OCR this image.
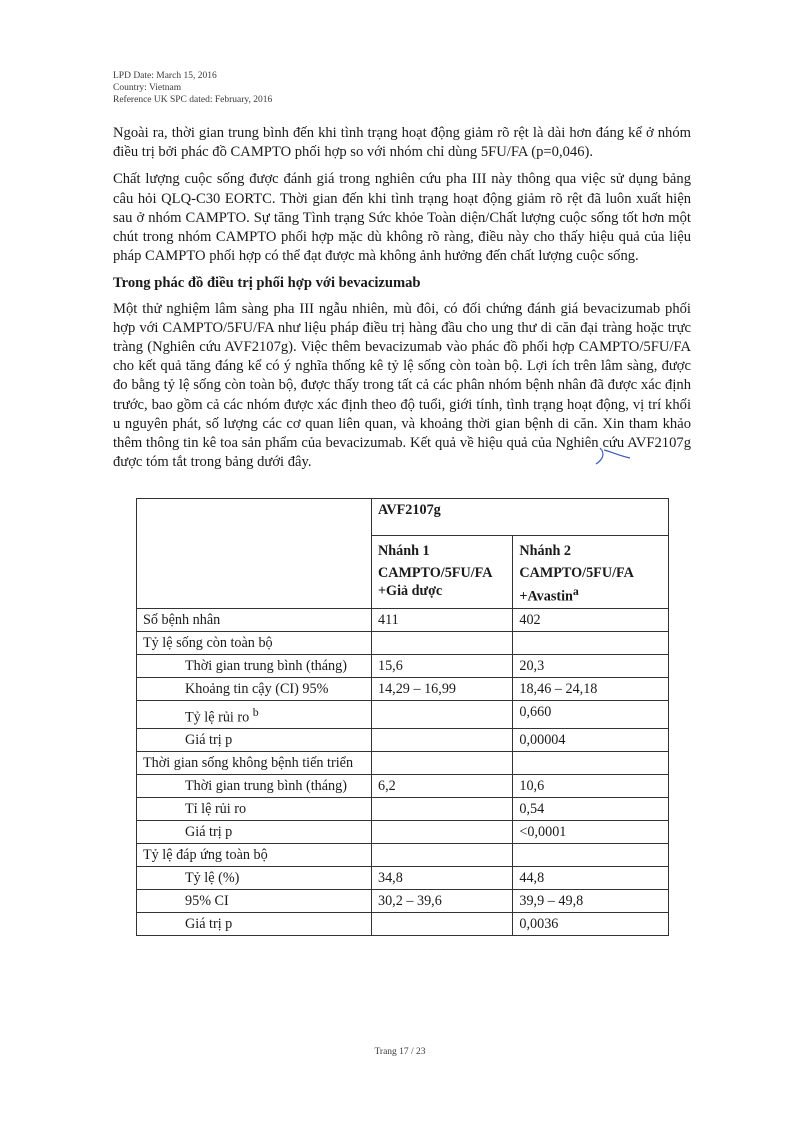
LPD Date: March 15, 2016
Country: Vietnam
Reference UK SPC dated: February, 2016

Ngoài ra, thời gian trung bình đến khi tình trạng hoạt động giảm rõ rệt là dài hơn đáng kể ở nhóm điều trị bởi phác đồ CAMPTO phối hợp so với nhóm chỉ dùng 5FU/FA (p=0,046).

Chất lượng cuộc sống được đánh giá trong nghiên cứu pha III này thông qua việc sử dụng bảng câu hỏi QLQ-C30 EORTC. Thời gian đến khi tình trạng hoạt động giảm rõ rệt đã luôn xuất hiện sau ở nhóm CAMPTO. Sự tăng Tình trạng Sức khỏe Toàn diện/Chất lượng cuộc sống tốt hơn một chút trong nhóm CAMPTO phối hợp mặc dù không rõ ràng, điều này cho thấy hiệu quả của liệu pháp CAMPTO phối hợp có thể đạt được mà không ảnh hưởng đến chất lượng cuộc sống.

Trong phác đồ điều trị phối hợp với bevacizumab

Một thử nghiệm lâm sàng pha III ngẫu nhiên, mù đôi, có đối chứng đánh giá bevacizumab phối hợp với CAMPTO/5FU/FA như liệu pháp điều trị hàng đầu cho ung thư di căn đại tràng hoặc trực tràng (Nghiên cứu AVF2107g). Việc thêm bevacizumab vào phác đồ phối hợp CAMPTO/5FU/FA cho kết quả tăng đáng kể có ý nghĩa thống kê tỷ lệ sống còn toàn bộ. Lợi ích trên lâm sàng, được đo bằng tỷ lệ sống còn toàn bộ, được thấy trong tất cả các phân nhóm bệnh nhân đã được xác định trước, bao gồm cả các nhóm được xác định theo độ tuổi, giới tính, tình trạng hoạt động, vị trí khối u nguyên phát, số lượng các cơ quan liên quan, và khoảng thời gian bệnh di căn. Xin tham khảo thêm thông tin kê toa sản phẩm của bevacizumab. Kết quả về hiệu quả của Nghiên cứu AVF2107g được tóm tắt trong bảng dưới đây.

	AVF2107g	

	Nhánh 1
CAMPTO/5FU/FA
+Giả dược	Nhánh 2
CAMPTO/5FU/FA
+Avastin$^a$
Số bệnh nhân	411	402
Tỷ lệ sống còn toàn bộ		
Thời gian trung bình (tháng)	15,6	20,3
Khoảng tin cậy (CI) 95%	14,29 – 16,99	18,46 – 24,18
Tỷ lệ rủi ro $^b$		0,660
Giá trị p		0,00004
Thời gian sống không bệnh tiến triển		
Thời gian trung bình (tháng)	6,2	10,6
Tỉ lệ rủi ro		0,54
Giá trị p		<0,0001
Tỷ lệ đáp ứng toàn bộ		
Tỷ lệ (%)	34,8	44,8
95% CI	30,2 – 39,6	39,9 – 49,8
Giá trị p		0,0036
Trang 17 / 23
